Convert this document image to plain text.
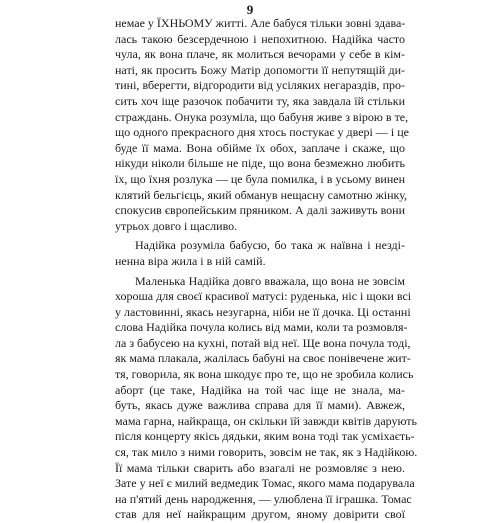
9
немае у ЇХНЬОМУ житті. Але бабуся тільки зовні здава-
лась такою безсердечною і непохитною. Надійка часто
чула, як вона плаче, як молиться вечорами у себе в кім-
наті, як просить Божу Матір допомогти її непутящій ди-
тині, вберегти, відгородити від усіляких негараздів, про-
сить хоч іще разочок побачити ту, яка завдала їй стільки
страждань. Онука розуміла, що бабуня живе з вірою в те,
що одного прекрасного дня хтось постукає у двері — і це
буде її мама. Вона обійме їх обох, заплаче і скаже, що
нікуди ніколи більше не піде, що вона безмежно любить
їх, що їхня розлука — це була помилка, і в усьому винен
клятий бельгієць, який обманув нещасну самотню жінку,
спокусив європейським пряником. А далі заживуть вони
утрьох довго і щасливо.
Надійка розуміла бабусю, бо така ж наївна і незді-
ненна віра жила і в ній самій.
Маленька Надійка довго вважала, що вона не зовсім
хороша для своєї красивої матусі: руденька, ніс і щоки всі
у ластовинні, якась незугарна, ніби не її дочка. Ці останні
слова Надійка почула колись від мами, коли та розмовля-
ла з бабусею на кухні, потай від неї. Ще вона почула тоді,
як мама плакала, жалілась бабуні на своє понівечене жит-
тя, говорила, як вона шкодує про те, що не зробила колись
аборт (це таке, Надійка на той час іще не знала, ма-
буть, якась дуже важлива справа для її мами). Авжеж,
мама гарна, найкраща, он скільки їй завжди квітів дарують
після концерту якісь дядьки, яким вона тоді так усміхаєть-
ся, так мило з ними говорить, зовсім не так, як з Надійкою.
Її мама тільки сварить або взагалі не розмовляє з нею.
Зате у неї є милий ведмедик Томас, якого мама подарувала
на п'ятий день народження, — улюблена її іграшка. Томас
став для неї найкращим другом, яному довірити свої
